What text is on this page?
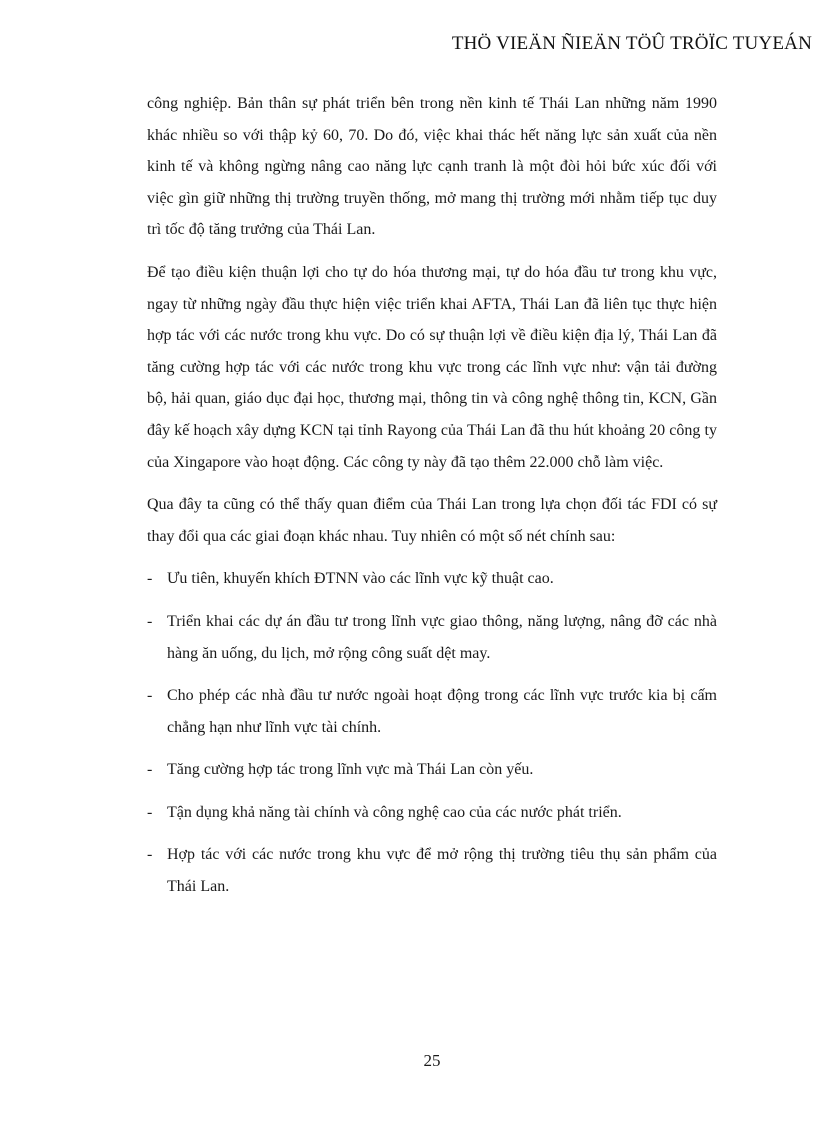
THÖ VIEÄN ÑIEÄN TÖÛ TRÖÏC TUYEÁN

công nghiệp. Bản thân sự phát triển bên trong nền kinh tế Thái Lan những năm 1990 khác nhiều so với thập kỷ 60, 70. Do đó, việc khai thác hết năng lực sản xuất của nền kinh tế và không ngừng nâng cao năng lực cạnh tranh là một đòi hỏi bức xúc đối với việc gìn giữ những thị trường truyền thống, mở mang thị trường mới nhằm tiếp tục duy trì tốc độ tăng trưởng của Thái Lan.

Để tạo điều kiện thuận lợi cho tự do hóa thương mại, tự do hóa đầu tư trong khu vực, ngay từ những ngày đầu thực hiện việc triển khai AFTA, Thái Lan đã liên tục thực hiện hợp tác với các nước trong khu vực. Do có sự thuận lợi về điều kiện địa lý, Thái Lan đã tăng cường hợp tác với các nước trong khu vực trong các lĩnh vực như: vận tải đường bộ, hải quan, giáo dục đại học, thương mại, thông tin và công nghệ thông tin, KCN, Gần đây kế hoạch xây dựng KCN tại tỉnh Rayong của Thái Lan đã thu hút khoảng 20 công ty của Xingapore vào hoạt động. Các công ty này đã tạo thêm 22.000 chỗ làm việc.

Qua đây ta cũng có thể thấy quan điểm của Thái Lan trong lựa chọn đối tác FDI có sự thay đổi qua các giai đoạn khác nhau. Tuy nhiên có một số nét chính sau:

- Ưu tiên, khuyến khích ĐTNN vào các lĩnh vực kỹ thuật cao.
- Triển khai các dự án đầu tư trong lĩnh vực giao thông, năng lượng, nâng đỡ các nhà hàng ăn uống, du lịch, mở rộng công suất dệt may.
- Cho phép các nhà đầu tư nước ngoài hoạt động trong các lĩnh vực trước kia bị cấm chẳng hạn như lĩnh vực tài chính.
- Tăng cường hợp tác trong lĩnh vực mà Thái Lan còn yếu.
- Tận dụng khả năng tài chính và công nghệ cao của các nước phát triển.
- Hợp tác với các nước trong khu vực để mở rộng thị trường tiêu thụ sản phẩm của Thái Lan.
25
